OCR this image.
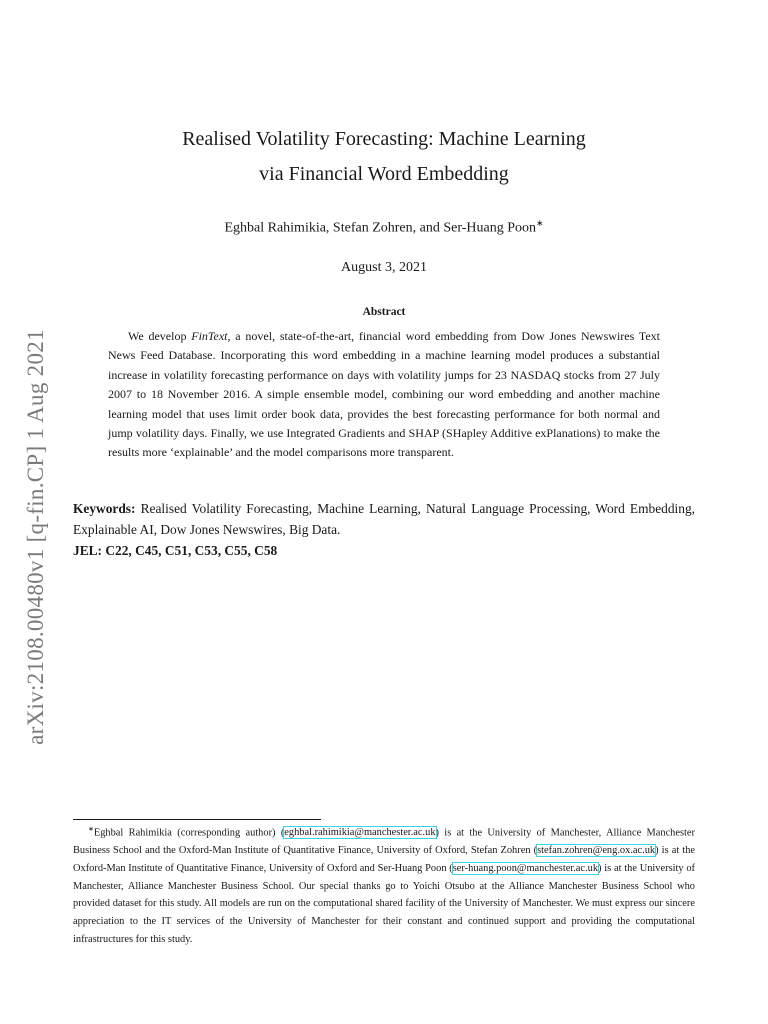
arXiv:2108.00480v1 [q-fin.CP] 1 Aug 2021
Realised Volatility Forecasting: Machine Learning
via Financial Word Embedding
Eghbal Rahimikia, Stefan Zohren, and Ser-Huang Poon∗
August 3, 2021
Abstract

We develop FinText, a novel, state-of-the-art, financial word embedding from Dow Jones Newswires Text News Feed Database. Incorporating this word embedding in a machine learning model produces a substantial increase in volatility forecasting performance on days with volatility jumps for 23 NASDAQ stocks from 27 July 2007 to 18 November 2016. A simple ensemble model, combining our word embedding and another machine learning model that uses limit order book data, provides the best forecasting performance for both normal and jump volatility days. Finally, we use Integrated Gradients and SHAP (SHapley Additive exPlanations) to make the results more ‘explainable’ and the model comparisons more transparent.

Keywords: Realised Volatility Forecasting, Machine Learning, Natural Language Processing, Word Embedding, Explainable AI, Dow Jones Newswires, Big Data.

JEL: C22, C45, C51, C53, C55, C58

∗Eghbal Rahimikia (corresponding author) (eghbal.rahimikia@manchester.ac.uk) is at the University of Manchester, Alliance Manchester Business School and the Oxford-Man Institute of Quantitative Finance, University of Oxford, Stefan Zohren (stefan.zohren@eng.ox.ac.uk) is at the Oxford-Man Institute of Quantitative Finance, University of Oxford and Ser-Huang Poon (ser-huang.poon@manchester.ac.uk) is at the University of Manchester, Alliance Manchester Business School. Our special thanks go to Yoichi Otsubo at the Alliance Manchester Business School who provided dataset for this study. All models are run on the computational shared facility of the University of Manchester. We must express our sincere appreciation to the IT services of the University of Manchester for their constant and continued support and providing the computational infrastructures for this study.
